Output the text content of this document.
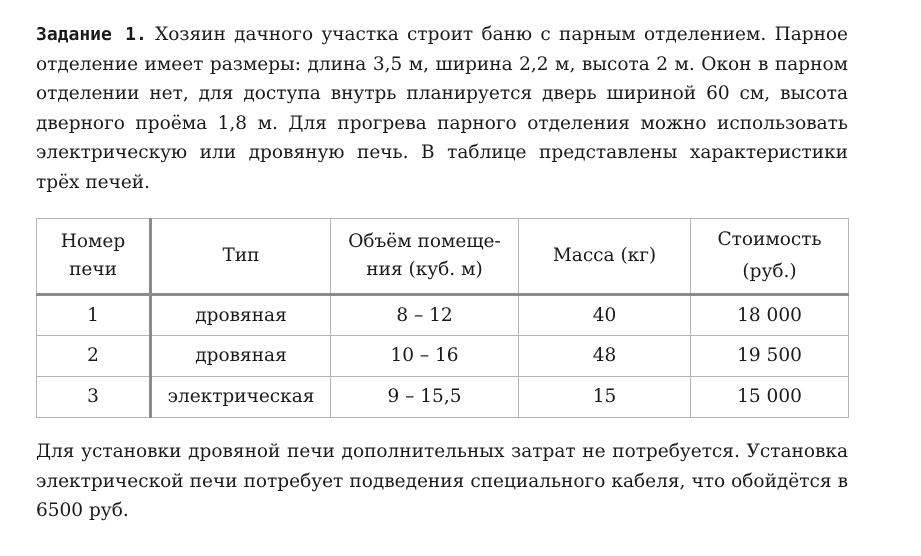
Задание 1. Хозяин дачного участка строит баню с парным отделением. Парное отделение имеет размеры: длина 3,5 м, ширина 2,2 м, высота 2 м. Окон в парном отделении нет, для доступа внутрь планируется дверь шириной 60 см, высота дверного проёма 1,8 м. Для прогрева парного отделения можно использовать электрическую или дровяную печь. В таблице представлены характеристики трёх печей.

Номер печи	Тип	Объём помещения (куб. м)	Масса (кг)	Стоимость (руб.)
1	дровяная	8 – 12	40	18 000
2	дровяная	10 – 16	48	19 500
3	электрическая	9 – 15,5	15	15 000

Для установки дровяной печи дополнительных затрат не потребуется. Установка электрической печи потребует подведения специального кабеля, что обойдётся в 6500 руб.
